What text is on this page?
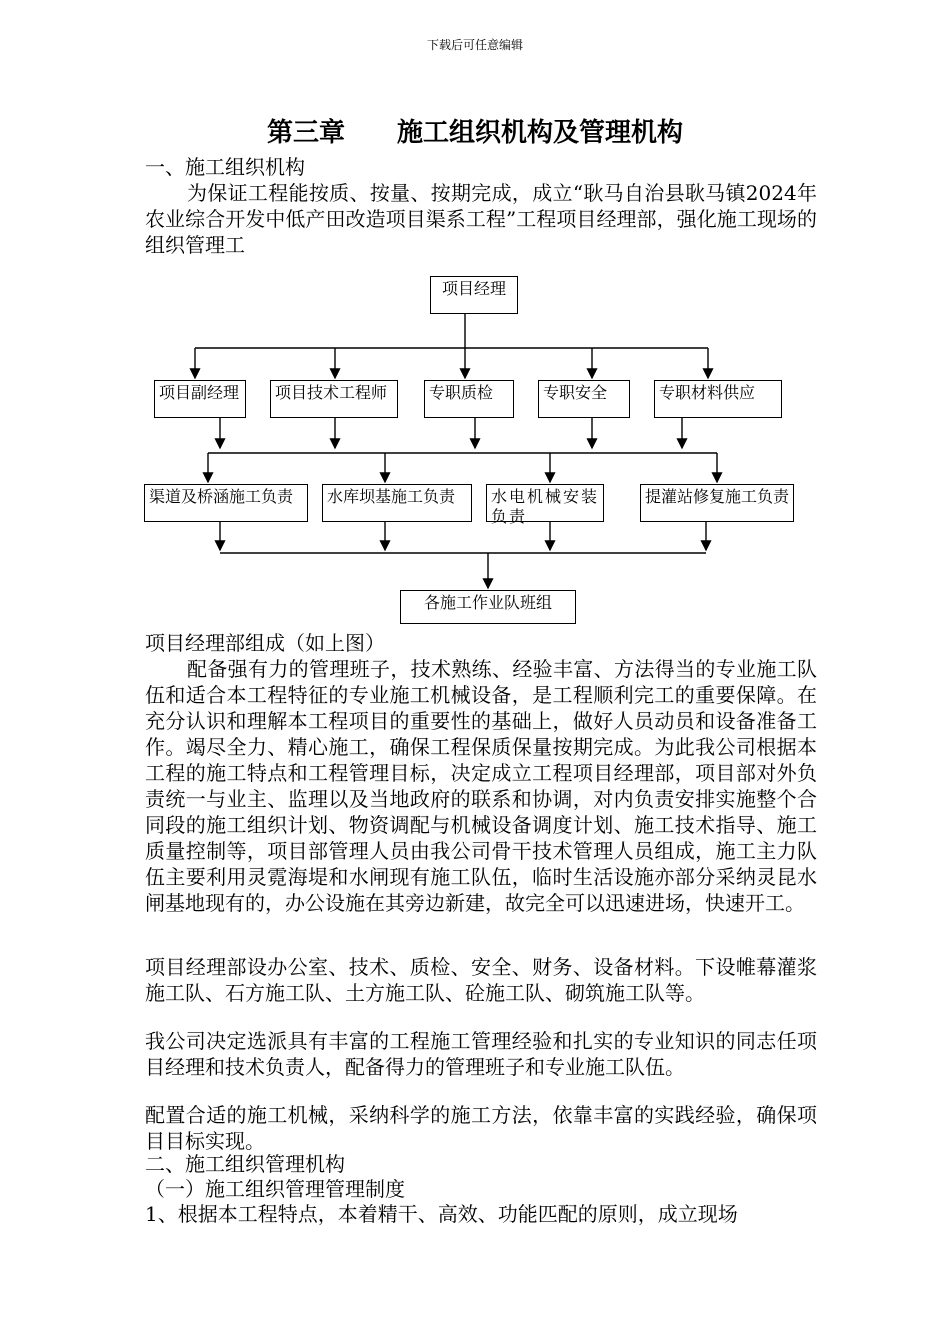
下载后可任意编辑
第三章　　施工组织机构及管理机构
一、施工组织机构

为保证工程能按质、按量、按期完成，成立“耿马自治县耿马镇2024年农业综合开发中低产田改造项目渠系工程”工程项目经理部，强化施工现场的组织管理工

项目经理
项目副经理	项目技术工程师	专职质检	专职安全	专职材料供应
渠道及桥涵施工负责	水库坝基施工负责	水电机械安装负责
提灌站修复施工负责
各施工作业队班组
项目经理部组成（如上图）

配备强有力的管理班子，技术熟练、经验丰富、方法得当的专业施工队伍和适合本工程特征的专业施工机械设备，是工程顺利完工的重要保障。在充分认识和理解本工程项目的重要性的基础上，做好人员动员和设备准备工作。竭尽全力、精心施工，确保工程保质保量按期完成。为此我公司根据本工程的施工特点和工程管理目标，决定成立工程项目经理部，项目部对外负责统一与业主、监理以及当地政府的联系和协调，对内负责安排实施整个合同段的施工组织计划、物资调配与机械设备调度计划、施工技术指导、施工质量控制等，项目部管理人员由我公司骨干技术管理人员组成，施工主力队伍主要利用灵霓海堤和水闸现有施工队伍，临时生活设施亦部分采纳灵昆水闸基地现有的，办公设施在其旁边新建，故完全可以迅速进场，快速开工。

项目经理部设办公室、技术、质检、安全、财务、设备材料。下设帷幕灌浆施工队、石方施工队、土方施工队、砼施工队、砌筑施工队等。

我公司决定选派具有丰富的工程施工管理经验和扎实的专业知识的同志任项目经理和技术负责人，配备得力的管理班子和专业施工队伍。

配置合适的施工机械，采纳科学的施工方法，依靠丰富的实践经验，确保项目目标实现。

二、施工组织管理机构
（一）施工组织管理管理制度
1、根据本工程特点，本着精干、高效、功能匹配的原则，成立现场
